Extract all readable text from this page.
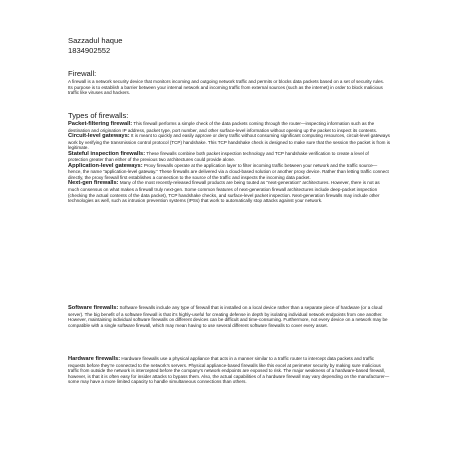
Sazzadul haque
1834902552
Firewall:

A firewall is a network security device that monitors incoming and outgoing network traffic and permits or blocks data packets based on a set of security rules. Its purpose is to establish a barrier between your internal network and incoming traffic from external sources (such as the internet) in order to block malicious traffic like viruses and hackers.

Types of firewalls:

Packet-filtering firewall: This firewall performs a simple check of the data packets coming through the router—inspecting information such as the destination and origination IP address, packet type, port number, and other surface-level information without opening up the packet to inspect its contents.

Circuit-level gateways: It is meant to quickly and easily approve or deny traffic without consuming significant computing resources, circuit-level gateways work by verifying the transmission control protocol (TCP) handshake. This TCP handshake check is designed to make sure that the session the packet is from is legitimate.

Stateful inspection firewalls: These firewalls combine both packet inspection technology and TCP handshake verification to create a level of protection greater than either of the previous two architectures could provide alone.

Application-level gateways: Proxy firewalls operate at the application layer to filter incoming traffic between your network and the traffic source—hence, the name “application-level gateway.” These firewalls are delivered via a cloud-based solution or another proxy device. Rather than letting traffic connect directly, the proxy firewall first establishes a connection to the source of the traffic and inspects the incoming data packet.

Next-gen firewalls: Many of the most recently-released firewall products are being touted as “next-generation” architectures. However, there is not as much consensus on what makes a firewall truly next-gen. Some common features of next-generation firewall architectures include deep-packet inspection (checking the actual contents of the data packet), TCP handshake checks, and surface-level packet inspection. Next-generation firewalls may include other technologies as well, such as intrusion prevention systems (IPSs) that work to automatically stop attacks against your network.

Software firewalls: Software firewalls include any type of firewall that is installed on a local device rather than a separate piece of hardware (or a cloud server). The big benefit of a software firewall is that it’s highly-useful for creating defense in depth by isolating individual network endpoints from one another. However, maintaining individual software firewalls on different devices can be difficult and time-consuming. Furthermore, not every device on a network may be compatible with a single software firewall, which may mean having to use several different software firewalls to cover every asset.

Hardware firewalls: Hardware firewalls use a physical appliance that acts in a manner similar to a traffic router to intercept data packets and traffic requests before they’re connected to the network’s servers. Physical appliance-based firewalls like this excel at perimeter security by making sure malicious traffic from outside the network is intercepted before the company’s network endpoints are exposed to risk. The major weakness of a hardware-based firewall, however, is that it is often easy for insider attacks to bypass them. Also, the actual capabilities of a hardware firewall may vary depending on the manufacturer—some may have a more limited capacity to handle simultaneous connections than others.
